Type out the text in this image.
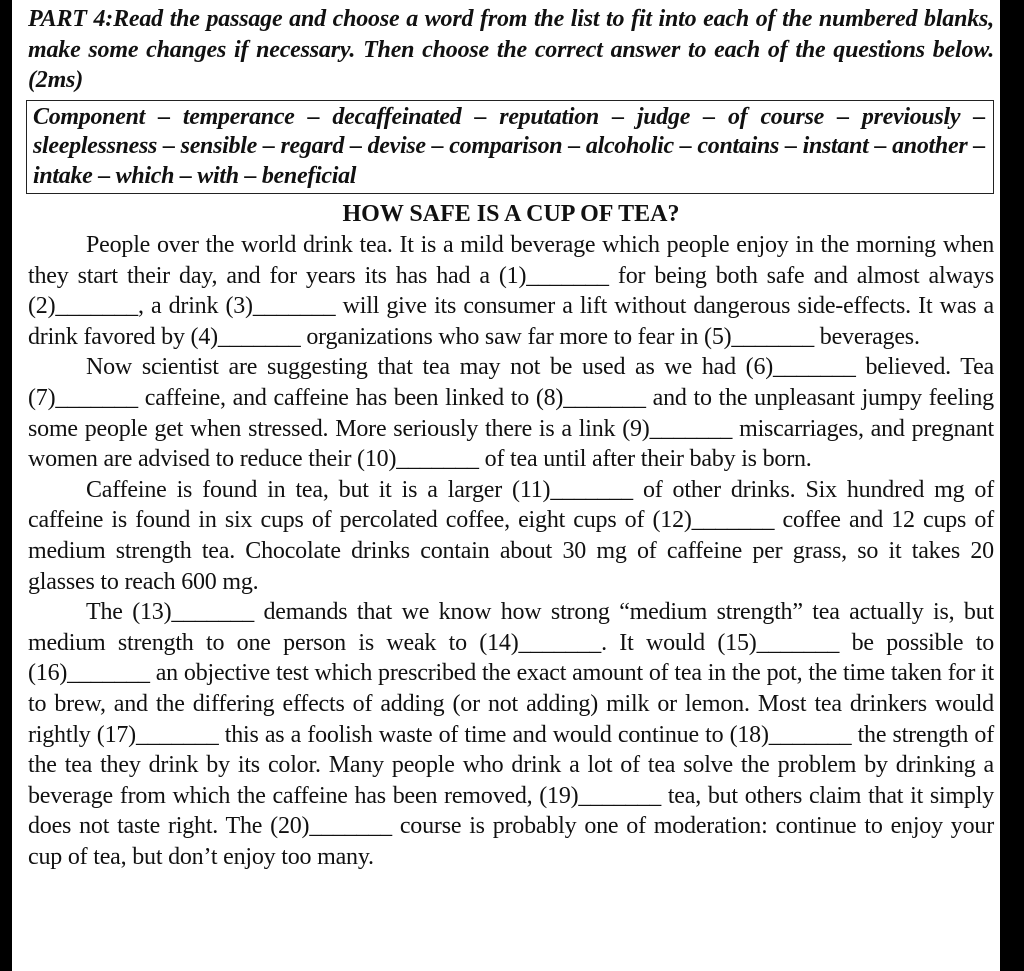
PART 4:Read the passage and choose a word from the list to fit into each of the numbered blanks, make some changes if necessary. Then choose the correct answer to each of the questions below.(2ms)

Component – temperance – decaffeinated – reputation – judge – of course – previously – sleeplessness – sensible – regard – devise – comparison – alcoholic – contains – instant – another – intake – which – with – beneficial
HOW SAFE IS A CUP OF TEA?

People over the world drink tea. It is a mild beverage which people enjoy in the morning when they start their day, and for years its has had a (1)_______ for being both safe and almost always (2)_______, a drink (3)_______ will give its consumer a lift without dangerous side-effects. It was a drink favored by (4)_______ organizations who saw far more to fear in (5)_______ beverages.

Now scientist are suggesting that tea may not be used as we had (6)_______ believed. Tea (7)_______ caffeine, and caffeine has been linked to (8)_______ and to the unpleasant jumpy feeling some people get when stressed. More seriously there is a link (9)_______ miscarriages, and pregnant women are advised to reduce their (10)_______ of tea until after their baby is born.

Caffeine is found in tea, but it is a larger (11)_______ of other drinks. Six hundred mg of caffeine is found in six cups of percolated coffee, eight cups of (12)_______ coffee and 12 cups of medium strength tea. Chocolate drinks contain about 30 mg of caffeine per grass, so it takes 20 glasses to reach 600 mg.

The (13)_______ demands that we know how strong “medium strength” tea actually is, but medium strength to one person is weak to (14)_______. It would (15)_______ be possible to (16)_______ an objective test which prescribed the exact amount of tea in the pot, the time taken for it to brew, and the differing effects of adding (or not adding) milk or lemon. Most tea drinkers would rightly (17)_______ this as a foolish waste of time and would continue to (18)_______ the strength of the tea they drink by its color. Many people who drink a lot of tea solve the problem by drinking a beverage from which the caffeine has been removed, (19)_______ tea, but others claim that it simply does not taste right. The (20)_______ course is probably one of moderation: continue to enjoy your cup of tea, but don’t enjoy too many.
